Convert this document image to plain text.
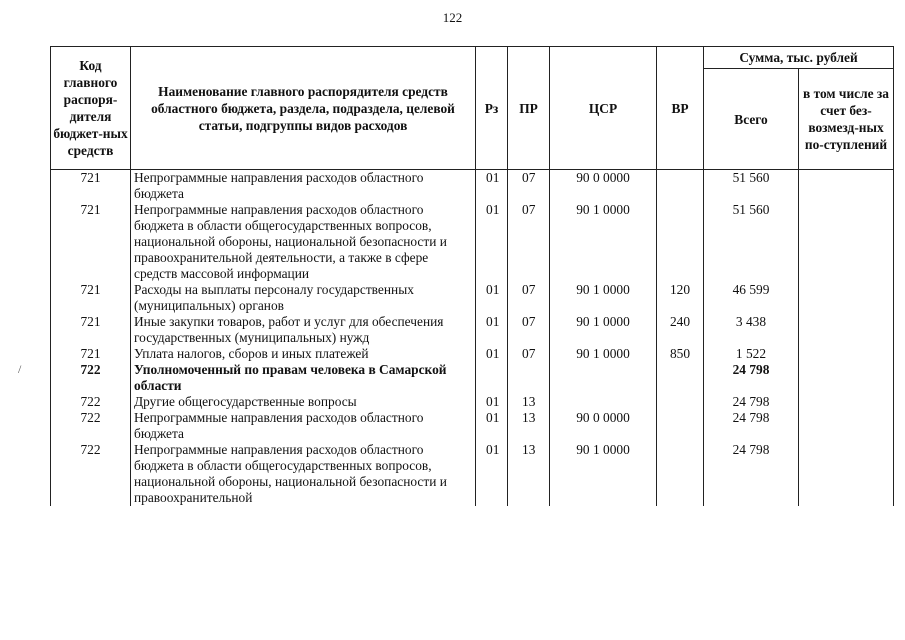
122
Код главного распоря-дителя бюджет-ных средств	Наименование главного распорядителя средств областного бюджета, раздела, подраздела, целевой статьи, подгруппы видов расходов	Рз	ПР	ЦСР	ВР	Сумма, тыс. рублей	
						Всего	в том числе за счет без-возмезд-ных по-ступлений
721	Непрограммные направления расходов областного бюджета	01	07	90 0 0000		51 560	
721	Непрограммные направления расходов областного бюджета в области общегосударственных вопросов, национальной обороны, национальной безопасности и правоохранительной деятельности, а также в сфере средств массовой информации	01	07	90 1 0000		51 560	
721	Расходы на выплаты персоналу государственных (муниципальных) органов	01	07	90 1 0000	120	46 599	
721	Иные закупки товаров, работ и услуг для обеспечения государственных (муниципальных) нужд	01	07	90 1 0000	240	3 438	
721	Уплата налогов, сборов и иных платежей	01	07	90 1 0000	850	1 522	
722	Уполномоченный по правам человека в Самарской области					24 798	
722	Другие общегосударственные вопросы	01	13			24 798	
722	Непрограммные направления расходов областного бюджета	01	13	90 0 0000		24 798	
722	Непрограммные направления расходов областного бюджета в области общегосударственных вопросов, национальной обороны, национальной безопасности и правоохранительной	01	13	90 1 0000		24 798	
/
